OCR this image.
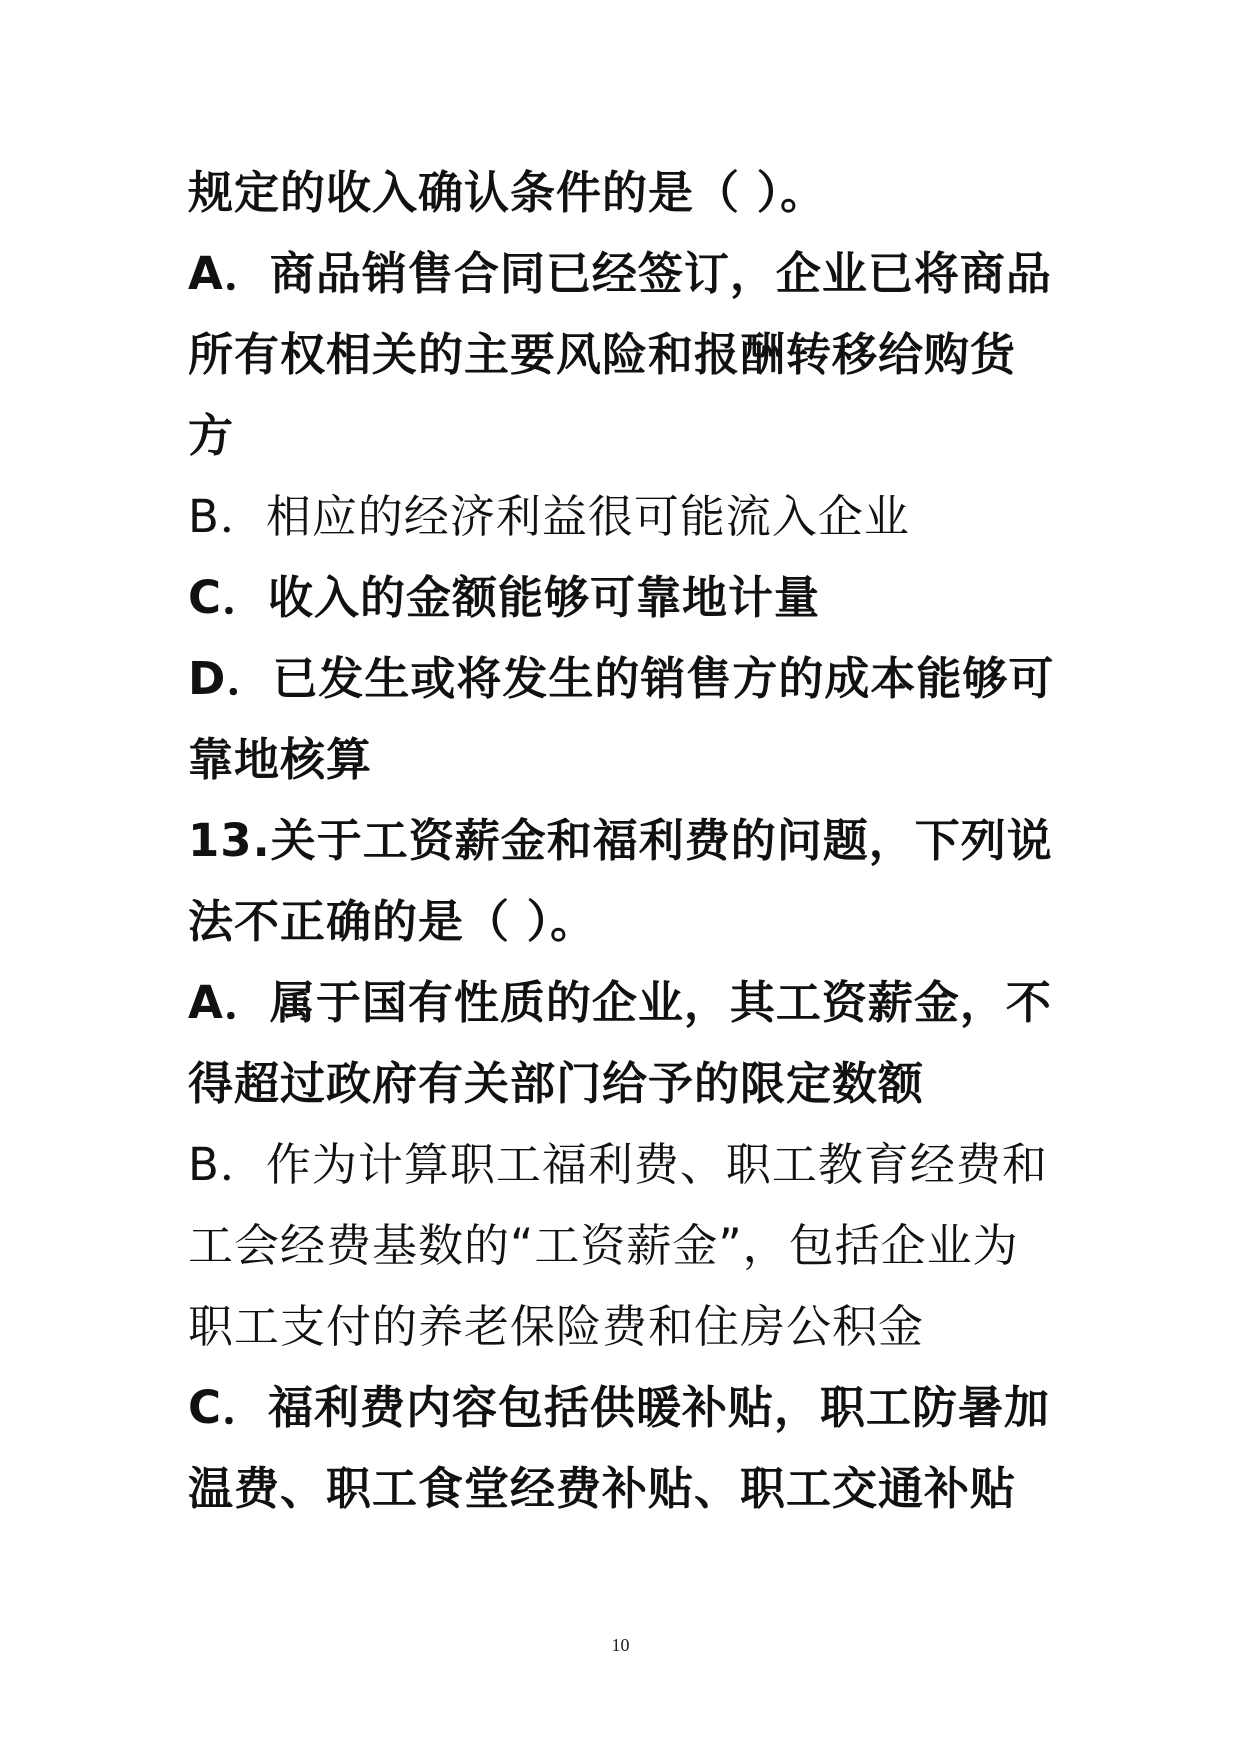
规定的收入确认条件的是（ ）。
A．商品销售合同已经签订，企业已将商品
所有权相关的主要风险和报酬转移给购货
方
B．相应的经济利益很可能流入企业
C．收入的金额能够可靠地计量
D．已发生或将发生的销售方的成本能够可
靠地核算
13.关于工资薪金和福利费的问题，下列说
法不正确的是（ ）。
A．属于国有性质的企业，其工资薪金，不
得超过政府有关部门给予的限定数额
B．作为计算职工福利费、职工教育经费和
工会经费基数的“工资薪金”，包括企业为
职工支付的养老保险费和住房公积金
C．福利费内容包括供暖补贴，职工防暑加
温费、职工食堂经费补贴、职工交通补贴
10
